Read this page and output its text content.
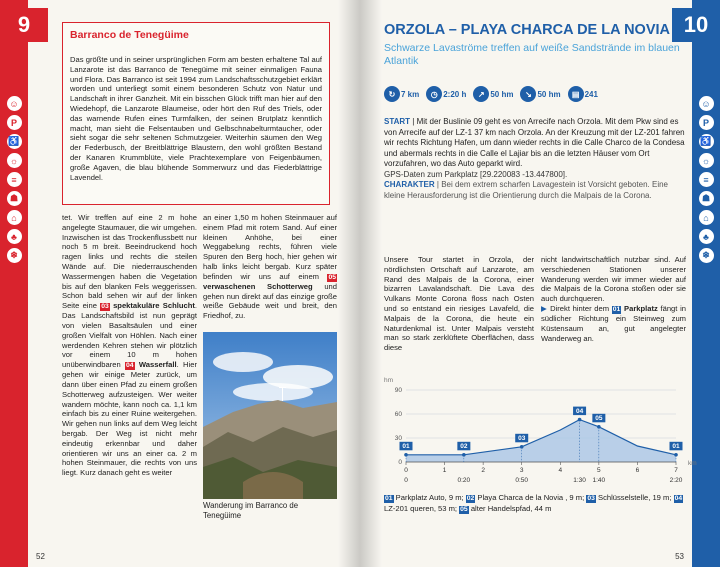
9
☺
P
♿
☼
≡
☗
⌂
♣
❄
Barranco de Tenegüime

Das größte und in seiner ursprünglichen Form am besten erhaltene Tal auf Lanzarote ist das Barranco de Tenegüime mit seiner einmaligen Fauna und Flora. Das Barranco ist seit 1994 zum Landschaftsschutzgebiet erklärt worden und unterliegt somit einem besonderen Schutz von Natur und Landschaft in ihrer Ganzheit. Mit ein bisschen Glück trifft man hier auf den Wiedehopf, die Lanzarote Blaumeise, oder hört den Ruf des Triels, oder das warnende Rufen eines Turmfalken, der seinen Brutplatz kenntlich macht, man sieht die Felsentauben und Gelbschnabelturmtaucher, oder sieht sogar die sehr seltenen Schmutzgeier. Weiterhin säumen den Weg der Federbusch, der Breitblättrige Blaustern, den wohl größten Bestand der Kanaren Krummblüte, viele Prachtexemplare von Feigenbäumen, große Agaven, die blau blühende Sommerwurz und das Fiederblättrige Lavendel.

tet. Wir treffen auf eine 2 m hohe angelegte Staumauer, die wir umgehen. Inzwischen ist das Trockenflussbett nur noch 5 m breit. Beeindruckend hoch ragen links und rechts die steilen Wände auf. Die niederrauschenden Wassermengen haben die Vegetation bis auf den blanken Fels weggerissen. Schon bald sehen wir auf der linken Seite eine 03 spektakuläre Schlucht. Das Landschaftsbild ist nun geprägt von vielen Basaltsäulen und einer großen Vielfalt von Höhlen. Nach einer werdenden Kehren stehen wir plötzlich vor einem 10 m hohen unüberwindbaren 04 Wasserfall. Hier gehen wir einige Meter zurück, um dann über einen Pfad zu einem großen Schotterweg aufzusteigen. Wer weiter wandern möchte, kann noch ca. 1,1 km einfach bis zu einer Ruine weitergehen. Wir gehen nun links auf dem Weg leicht bergab. Der Weg ist nicht mehr eindeutig erkennbar und daher orientieren wir uns an einer ca. 2 m hohen Steinmauer, die rechts von uns liegt. Kurz danach geht es weiter
an einer 1,50 m hohen Steinmauer auf einem Pfad mit rotem Sand. Auf einer kleinen Anhöhe, bei einer Weggabelung rechts, führen viele Spuren den Berg hoch, hier gehen wir halb links leicht bergab. Kurz später befinden wir uns auf einem 05 verwaschenen Schotterweg und gehen nun direkt auf das einzige große weiße Gebäude weit und breit, den Friedhof, zu.
Wanderung im Barranco de Tenegüime
52
10
☺
P
♿
☼
≡
☗
⌂
♣
❄
ORZOLA – PLAYA CHARCA DE LA NOVIA
Schwarze Lavaströme treffen auf weiße Sandstrände im blauen Atlantik
↻ 7 km	◷ 2:20 h	↗ 50 hm	↘ 50 hm	▤ 241
START | Mit der Buslinie 09 geht es von Arrecife nach Orzola. Mit dem Pkw sind es von Arrecife auf der LZ-1 37 km nach Orzola. An der Kreuzung mit der LZ-201 fahren wir rechts Richtung Hafen, um dann wieder rechts in die Calle Charco de la Condesa und abermals rechts in die Calle el Lajiar bis an die letzten Häuser vom Ort vorzufahren, wo das Auto geparkt wird.
GPS-Daten zum Parkplatz [29.220083 -13.447800].
CHARAKTER | Bei dem extrem scharfen Lavagestein ist Vorsicht geboten. Eine kleine Herausforderung ist die Orientierung durch die Malpais de la Corona.
Unsere Tour startet in Orzola, der nördlichsten Ortschaft auf Lanzarote, am Rand des Malpais de la Corona, einer bizarren Lavalandschaft. Die Lava des Vulkans Monte Corona floss nach Osten und so entstand ein riesiges Lavafeld, die Malpais de la Corona, die heute ein Naturdenkmal ist. Unter Malpais versteht man so stark zerklüftete Oberflächen, dass diese
nicht landwirtschaftlich nutzbar sind. Auf verschiedenen Stationen unserer Wanderung werden wir immer wieder auf die Malpais de la Corona stoßen oder sie auch durchqueren.
▶ Direkt hinter dem 01 Parkplatz fängt in südlicher Richtung ein Steinweg zum Küstensaum an, gut angelegter Wanderweg an.
hm
0
30
60
90
01	02
03
04
05
01
0	1	2	3	4	5	6	7
km
0	0:20	0:50	1:30 1:40	2:20
01 Parkplatz Auto, 9 m; 02 Playa Charca de la Novia , 9 m; 03 Schlüsselstelle, 19 m; 04 LZ-201 queren, 53 m; 05 alter Handelspfad, 44 m
53
